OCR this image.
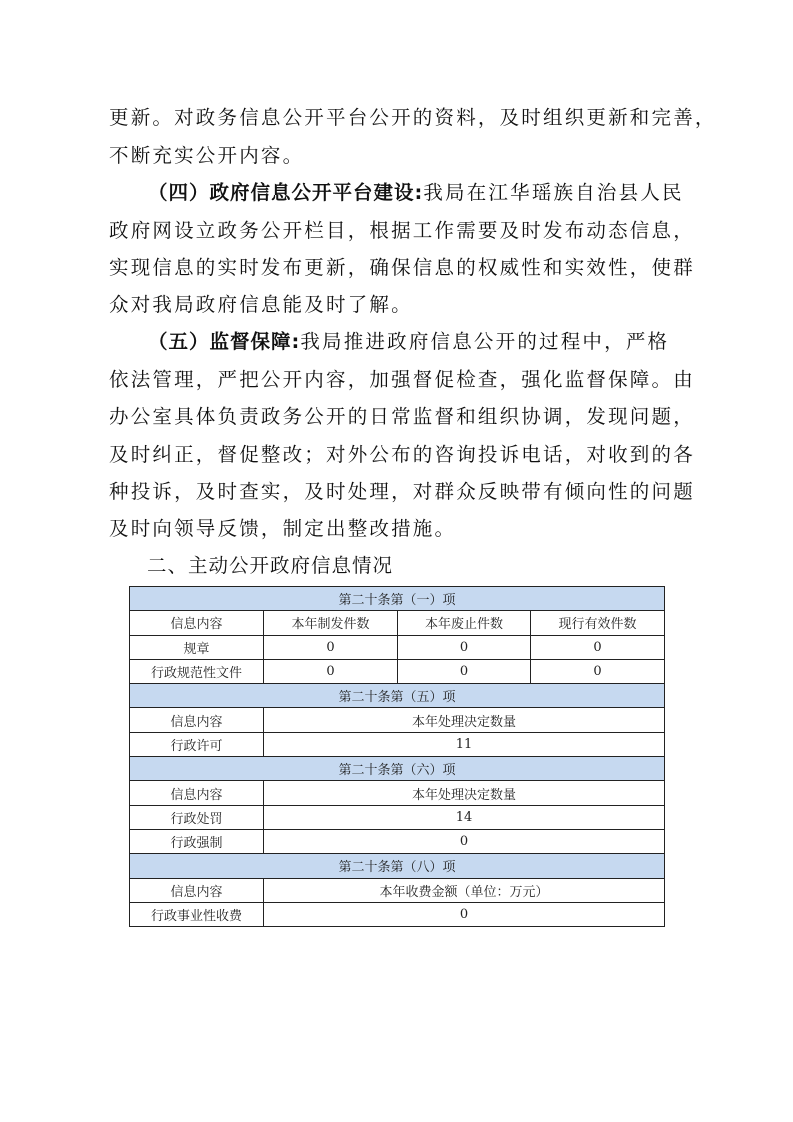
更新。对政务信息公开平台公开的资料，及时组织更新和完善，
不断充实公开内容。
（四）政府信息公开平台建设:我局在江华瑶族自治县人民
政府网设立政务公开栏目，根据工作需要及时发布动态信息，
实现信息的实时发布更新，确保信息的权威性和实效性，使群
众对我局政府信息能及时了解。
（五）监督保障:我局推进政府信息公开的过程中，严格
依法管理，严把公开内容，加强督促检查，强化监督保障。由
办公室具体负责政务公开的日常监督和组织协调，发现问题，
及时纠正，督促整改；对外公布的咨询投诉电话，对收到的各
种投诉，及时查实，及时处理，对群众反映带有倾向性的问题
及时向领导反馈，制定出整改措施。
二、主动公开政府信息情况
第二十条第（一）项			
信息内容	本年制发件数	本年废止件数	现行有效件数
规章	0	0	0
行政规范性文件	0	0	0
第二十条第（五）项			
信息内容	本年处理决定数量		
行政许可	11		
第二十条第（六）项			
信息内容	本年处理决定数量		
行政处罚	14		
行政强制	0		
第二十条第（八）项			
信息内容	本年收费金额（单位：万元）		
行政事业性收费	0		
